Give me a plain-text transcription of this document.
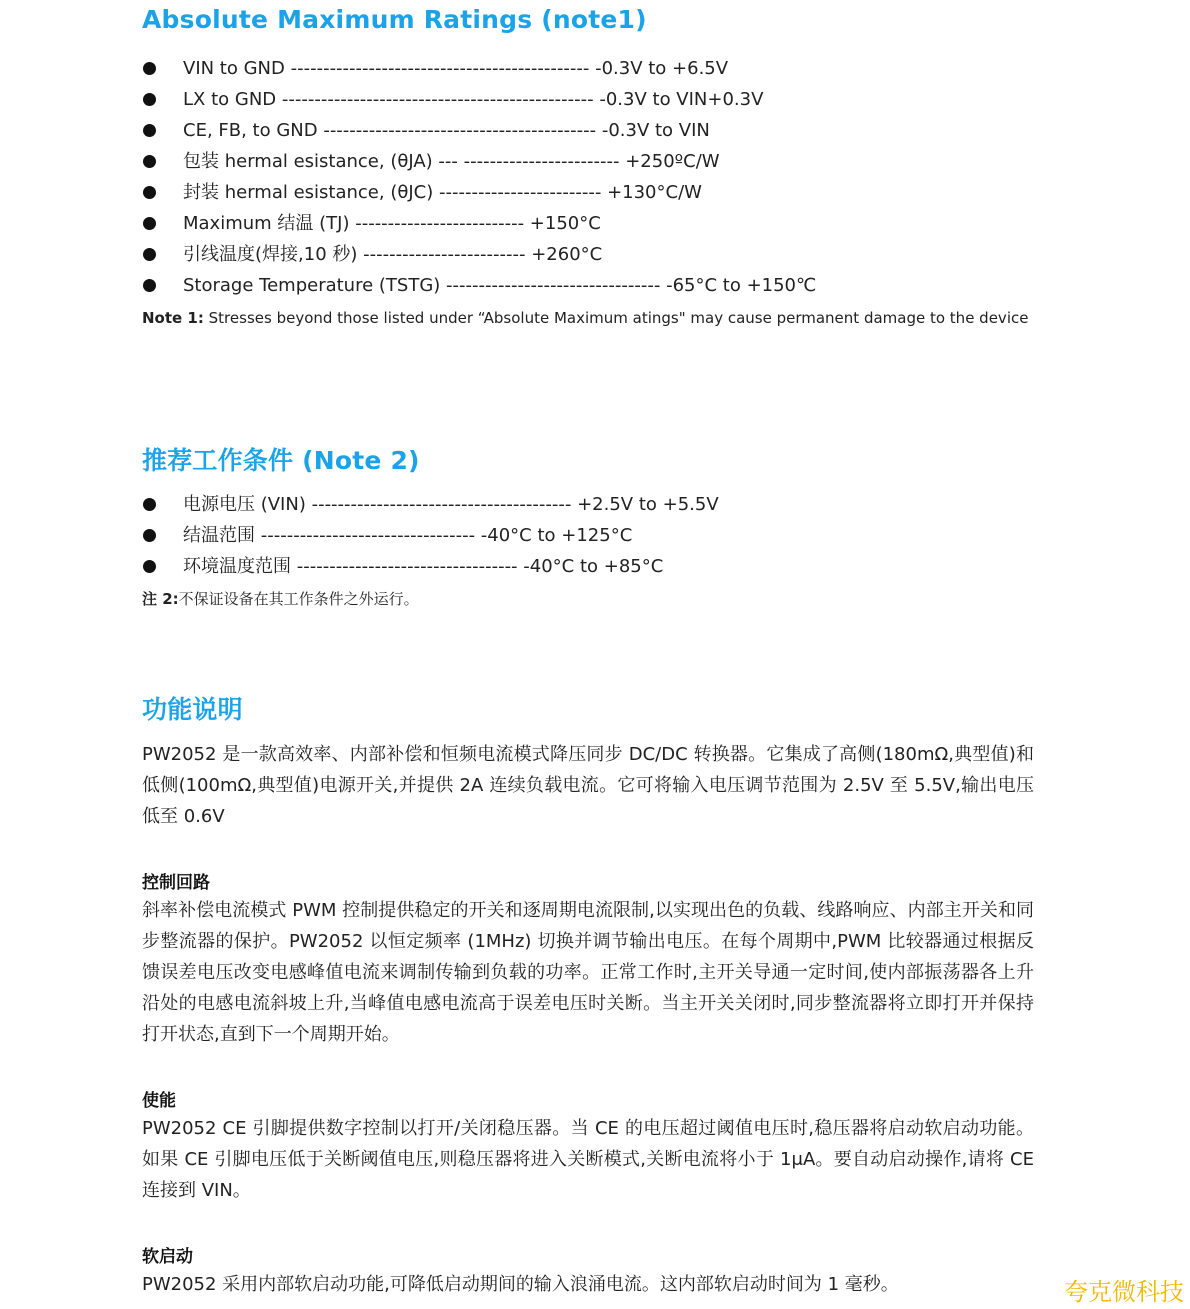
Absolute Maximum Ratings (note1)
VIN to GND ---------------------------------------------- -0.3V to +6.5V
LX to GND ------------------------------------------------ -0.3V to VIN+0.3V
CE, FB, to GND ------------------------------------------ -0.3V to VIN
包装 hermal esistance, (θJA) --- ------------------------ +250ºC/W
封装 hermal esistance, (θJC) ------------------------- +130°C/W
Maximum 结温 (TJ) -------------------------- +150°C
引线温度(焊接,10 秒) ------------------------- +260°C
Storage Temperature (TSTG) --------------------------------- -65°C to +150℃

Note 1: Stresses beyond those listed under “Absolute Maximum atings" may cause permanent damage to the device

推荐工作条件 (Note 2)
电源电压 (VIN) ---------------------------------------- +2.5V to +5.5V
结温范围 --------------------------------- -40°C to +125°C
环境温度范围 ---------------------------------- -40°C to +85°C

注 2:不保证设备在其工作条件之外运行。

功能说明

PW2052 是一款高效率、内部补偿和恒频电流模式降压同步 DC/DC 转换器。它集成了高侧(180mΩ,典型值)和低侧(100mΩ,典型值)电源开关,并提供 2A 连续负载电流。它可将输入电压调节范围为 2.5V 至 5.5V,输出电压低至 0.6V

控制回路

斜率补偿电流模式 PWM 控制提供稳定的开关和逐周期电流限制,以实现出色的负载、线路响应、内部主开关和同步整流器的保护。PW2052 以恒定频率 (1MHz) 切换并调节输出电压。在每个周期中,PWM 比较器通过根据反馈误差电压改变电感峰值电流来调制传输到负载的功率。正常工作时,主开关导通一定时间,使内部振荡器各上升沿处的电感电流斜坡上升,当峰值电感电流高于误差电压时关断。当主开关关闭时,同步整流器将立即打开并保持打开状态,直到下一个周期开始。

使能

PW2052 CE 引脚提供数字控制以打开/关闭稳压器。当 CE 的电压超过阈值电压时,稳压器将启动软启动功能。如果 CE 引脚电压低于关断阈值电压,则稳压器将进入关断模式,关断电流将小于 1μA。要自动启动操作,请将 CE 连接到 VIN。

软启动

PW2052 采用内部软启动功能,可降低启动期间的输入浪涌电流。这内部软启动时间为 1 毫秒。	夸克微科技
